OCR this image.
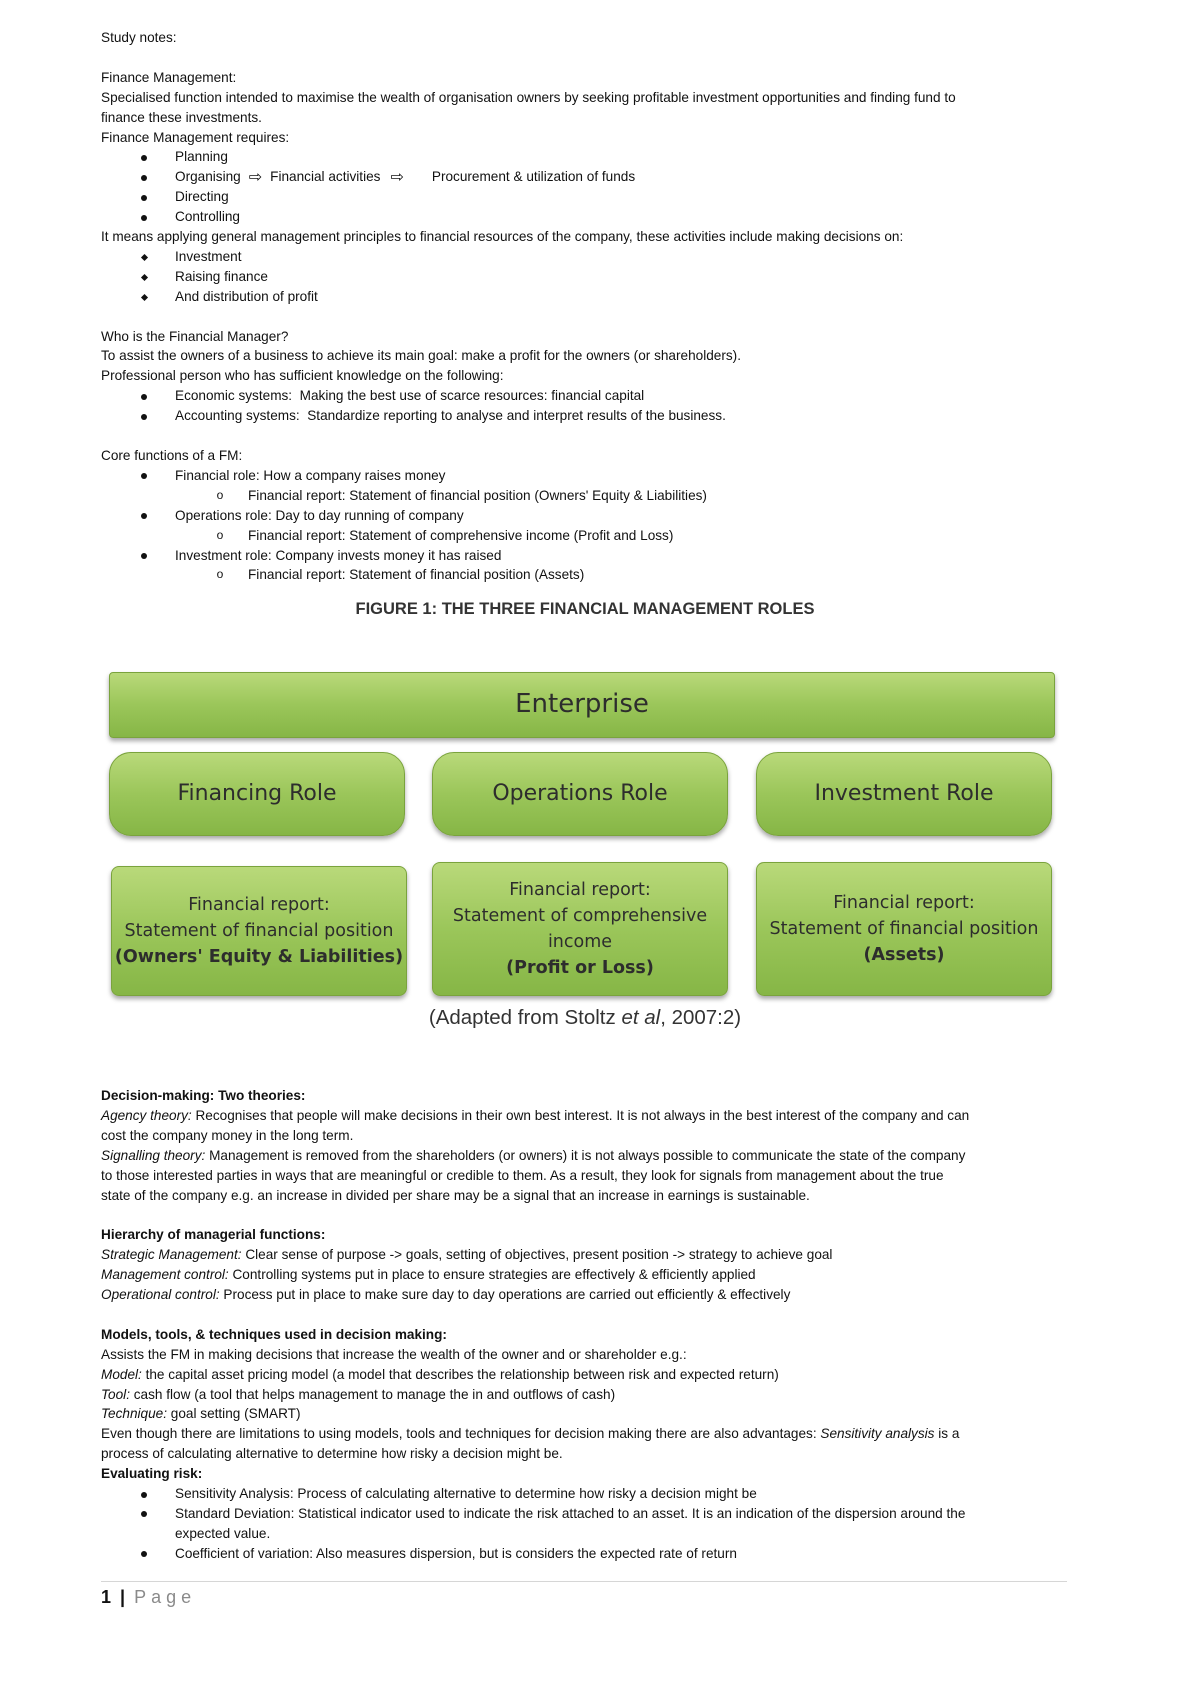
Study notes:

Finance Management:

Specialised function intended to maximise the wealth of organisation owners by seeking profitable investment opportunities and finding fund to

finance these investments.

Finance Management requires:

Planning
Organising ⇨ Financial activities ⇨ Procurement & utilization of funds
Directing
Controlling

It means applying general management principles to financial resources of the company, these activities include making decisions on:

Investment
Raising finance
And distribution of profit

Who is the Financial Manager?

To assist the owners of a business to achieve its main goal: make a profit for the owners (or shareholders).

Professional person who has sufficient knowledge on the following:

Economic systems: Making the best use of scarce resources: financial capital
Accounting systems: Standardize reporting to analyse and interpret results of the business.

Core functions of a FM:

Financial role: How a company raises money
o Financial report: Statement of financial position (Owners' Equity & Liabilities)
Operations role: Day to day running of company
o Financial report: Statement of comprehensive income (Profit and Loss)
Investment role: Company invests money it has raised
o Financial report: Statement of financial position (Assets)
FIGURE 1: THE THREE FINANCIAL MANAGEMENT ROLES
Enterprise
Financing Role	Operations Role	Investment Role
Financial report:
Statement of financial position
(Owners' Equity & Liabilities)
Financial report:
Statement of comprehensive
income
(Profit or Loss)
Financial report:
Statement of financial position
(Assets)
(Adapted from Stoltz et al, 2007:2)

Decision-making: Two theories:

Agency theory: Recognises that people will make decisions in their own best interest. It is not always in the best interest of the company and can

cost the company money in the long term.

Signalling theory: Management is removed from the shareholders (or owners) it is not always possible to communicate the state of the company

to those interested parties in ways that are meaningful or credible to them. As a result, they look for signals from management about the true

state of the company e.g. an increase in divided per share may be a signal that an increase in earnings is sustainable.

Hierarchy of managerial functions:

Strategic Management: Clear sense of purpose -> goals, setting of objectives, present position -> strategy to achieve goal

Management control: Controlling systems put in place to ensure strategies are effectively & efficiently applied

Operational control: Process put in place to make sure day to day operations are carried out efficiently & effectively

Models, tools, & techniques used in decision making:

Assists the FM in making decisions that increase the wealth of the owner and or shareholder e.g.:

Model: the capital asset pricing model (a model that describes the relationship between risk and expected return)

Tool: cash flow (a tool that helps management to manage the in and outflows of cash)

Technique: goal setting (SMART)

Even though there are limitations to using models, tools and techniques for decision making there are also advantages: Sensitivity analysis is a

process of calculating alternative to determine how risky a decision might be.

Evaluating risk:

Sensitivity Analysis: Process of calculating alternative to determine how risky a decision might be
Standard Deviation: Statistical indicator used to indicate the risk attached to an asset. It is an indication of the dispersion around the
expected value.
Coefficient of variation: Also measures dispersion, but is considers the expected rate of return
1 | Page
